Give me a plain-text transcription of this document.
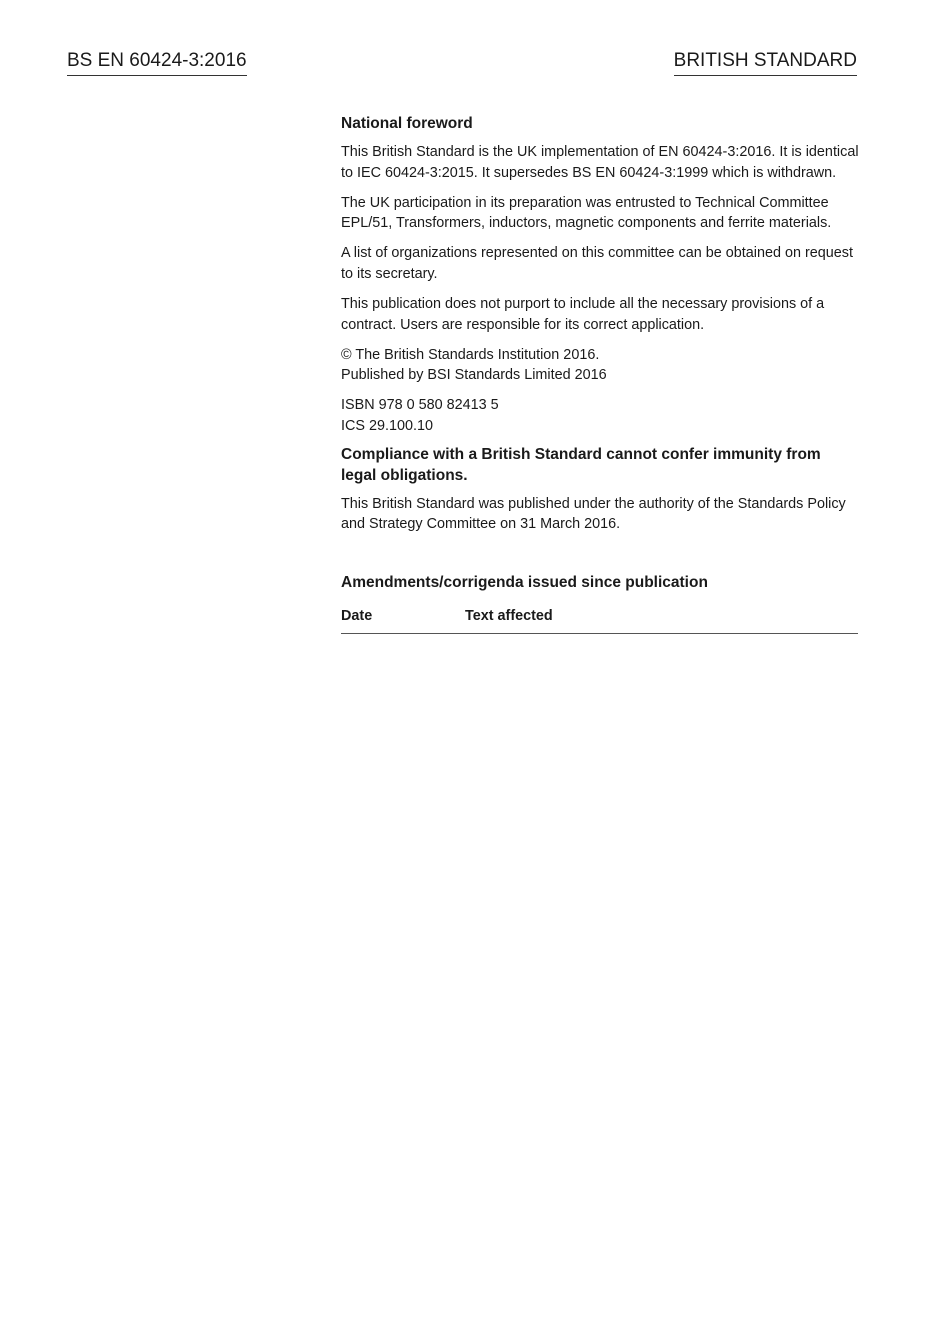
BS EN 60424-3:2016	BRITISH STANDARD
National foreword

This British Standard is the UK implementation of EN 60424-3:2016. It is identical to IEC 60424-3:2015. It supersedes BS EN 60424-3:1999 which is withdrawn.

The UK participation in its preparation was entrusted to Technical Committee EPL/51, Transformers, inductors, magnetic components and ferrite materials.

A list of organizations represented on this committee can be obtained on request to its secretary.

This publication does not purport to include all the necessary provisions of a contract. Users are responsible for its correct application.

© The British Standards Institution 2016.
Published by BSI Standards Limited 2016

ISBN 978 0 580 82413 5
ICS 29.100.10

Compliance with a British Standard cannot confer immunity from legal obligations.

This British Standard was published under the authority of the Standards Policy and Strategy Committee on 31 March 2016.

Amendments/corrigenda issued since publication
Date	Text affected
